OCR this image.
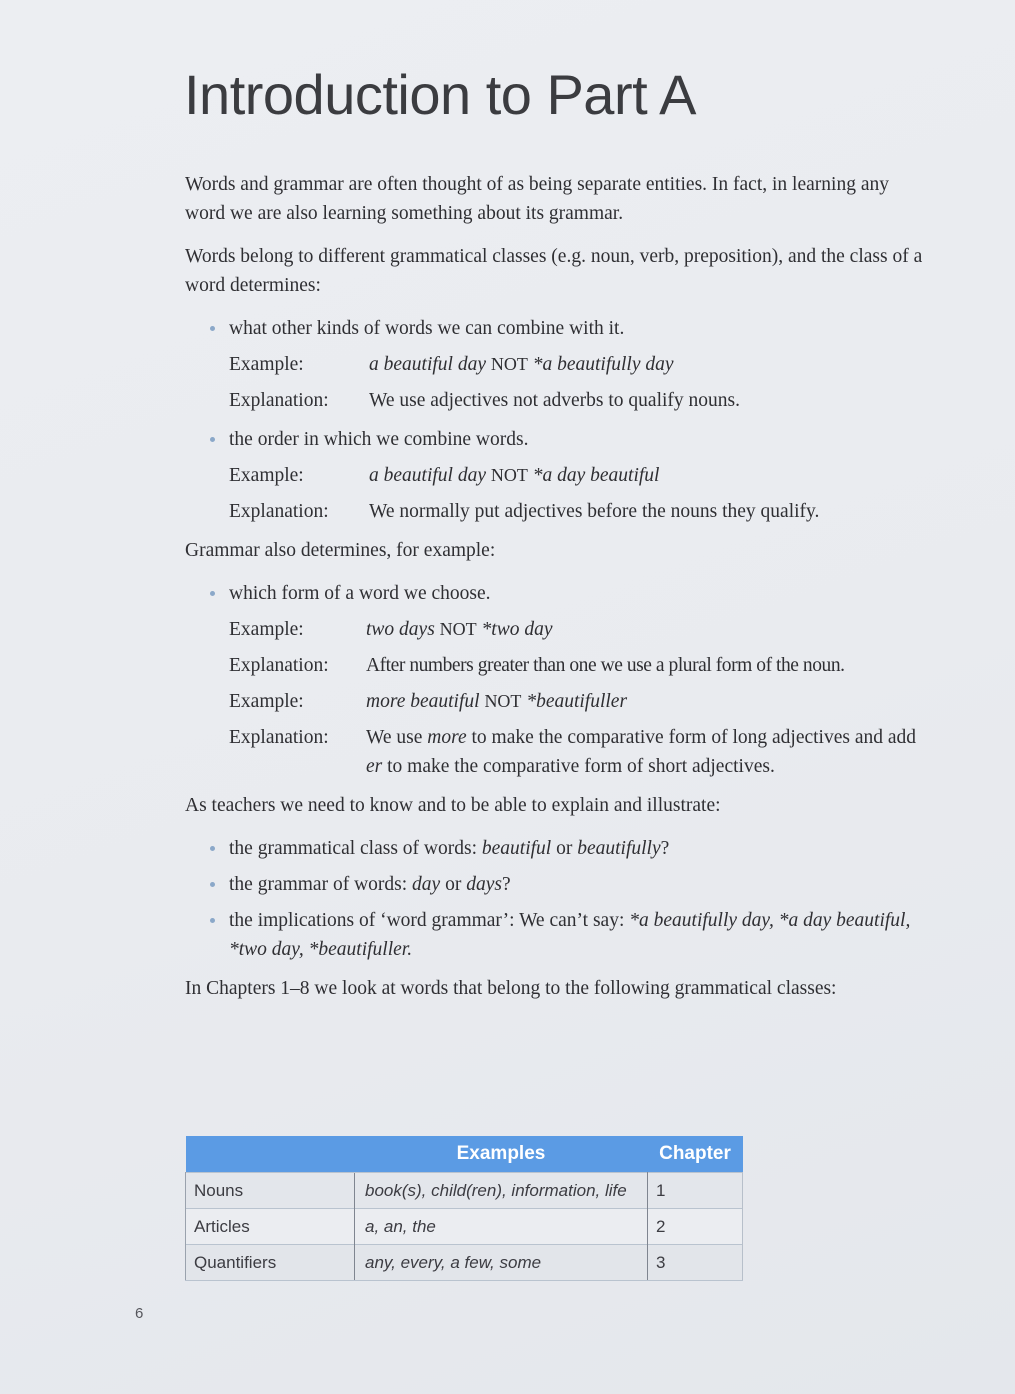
Introduction to Part A

Words and grammar are often thought of as being separate entities. In fact, in learning any word we are also learning something about its grammar.

Words belong to different grammatical classes (e.g. noun, verb, preposition), and the class of a word determines:

what other kinds of words we can combine with it.
Example:	a beautiful day NOT *a beautifully day
Explanation:	We use adjectives not adverbs to qualify nouns.
the order in which we combine words.
Example:	a beautiful day NOT *a day beautiful
Explanation:	We normally put adjectives before the nouns they qualify.

Grammar also determines, for example:

which form of a word we choose.
Example:	two days NOT *two day
Explanation:	After numbers greater than one we use a plural form of the noun.
Example:	more beautiful NOT *beautifuller
Explanation:	We use more to make the comparative form of long adjectives and add er to make the comparative form of short adjectives.

As teachers we need to know and to be able to explain and illustrate:

the grammatical class of words: beautiful or beautifully?
the grammar of words: day or days?
the implications of ‘word grammar’: We can’t say: *a beautifully day, *a day beautiful, *two day, *beautifuller.

In Chapters 1–8 we look at words that belong to the following grammatical classes:

	Examples	Chapter
Nouns	book(s), child(ren), information, life	1
Articles	a, an, the	2
Quantifiers	any, every, a few, some	3
6
